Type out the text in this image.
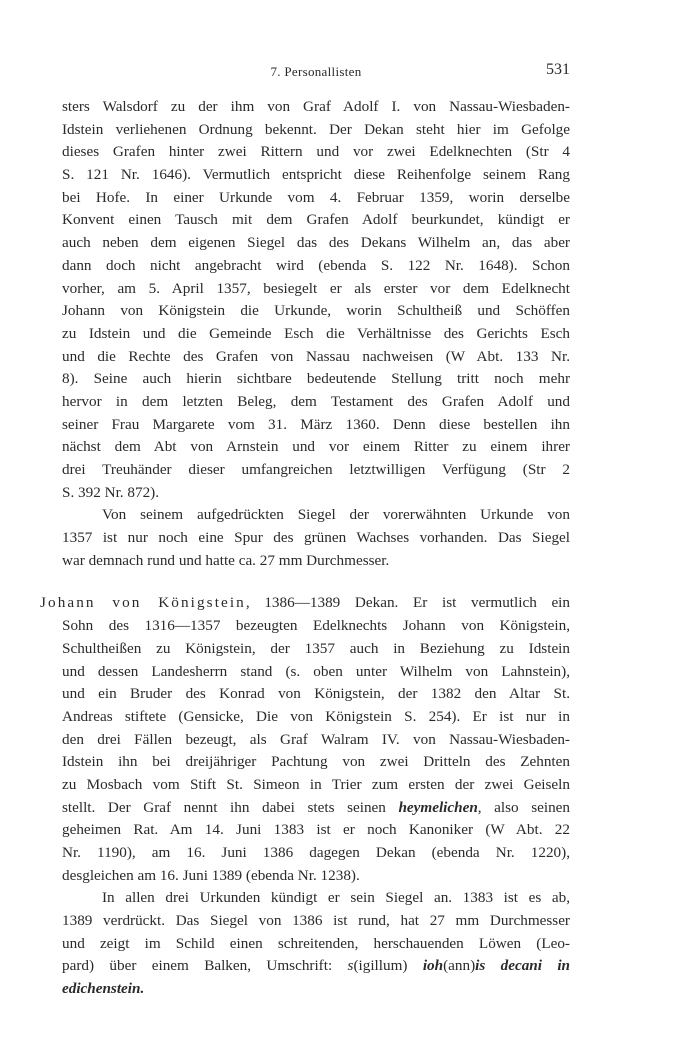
7. Personallisten	531
sters Walsdorf zu der ihm von Graf Adolf I. von Nassau-Wiesbaden-
Idstein verliehenen Ordnung bekennt. Der Dekan steht hier im Gefolge
dieses Grafen hinter zwei Rittern und vor zwei Edelknechten (Str 4
S. 121 Nr. 1646). Vermutlich entspricht diese Reihenfolge seinem Rang
bei Hofe. In einer Urkunde vom 4. Februar 1359, worin derselbe
Konvent einen Tausch mit dem Grafen Adolf beurkundet, kündigt er
auch neben dem eigenen Siegel das des Dekans Wilhelm an, das aber
dann doch nicht angebracht wird (ebenda S. 122 Nr. 1648). Schon
vorher, am 5. April 1357, besiegelt er als erster vor dem Edelknecht
Johann von Königstein die Urkunde, worin Schultheiß und Schöffen
zu Idstein und die Gemeinde Esch die Verhältnisse des Gerichts Esch
und die Rechte des Grafen von Nassau nachweisen (W Abt. 133 Nr.
8). Seine auch hierin sichtbare bedeutende Stellung tritt noch mehr
hervor in dem letzten Beleg, dem Testament des Grafen Adolf und
seiner Frau Margarete vom 31. März 1360. Denn diese bestellen ihn
nächst dem Abt von Arnstein und vor einem Ritter zu einem ihrer
drei Treuhänder dieser umfangreichen letztwilligen Verfügung (Str 2
S. 392 Nr. 872).
Von seinem aufgedrückten Siegel der vorerwähnten Urkunde von
1357 ist nur noch eine Spur des grünen Wachses vorhanden. Das Siegel
war demnach rund und hatte ca. 27 mm Durchmesser.
Johann von Königstein, 1386—1389 Dekan. Er ist vermutlich ein
Sohn des 1316—1357 bezeugten Edelknechts Johann von Königstein,
Schultheißen zu Königstein, der 1357 auch in Beziehung zu Idstein
und dessen Landesherrn stand (s. oben unter Wilhelm von Lahnstein),
und ein Bruder des Konrad von Königstein, der 1382 den Altar St.
Andreas stiftete (Gensicke, Die von Königstein S. 254). Er ist nur in
den drei Fällen bezeugt, als Graf Walram IV. von Nassau-Wiesbaden-
Idstein ihn bei dreijähriger Pachtung von zwei Dritteln des Zehnten
zu Mosbach vom Stift St. Simeon in Trier zum ersten der zwei Geiseln
stellt. Der Graf nennt ihn dabei stets seinen heymelichen, also seinen
geheimen Rat. Am 14. Juni 1383 ist er noch Kanoniker (W Abt. 22
Nr. 1190), am 16. Juni 1386 dagegen Dekan (ebenda Nr. 1220),
desgleichen am 16. Juni 1389 (ebenda Nr. 1238).
In allen drei Urkunden kündigt er sein Siegel an. 1383 ist es ab,
1389 verdrückt. Das Siegel von 1386 ist rund, hat 27 mm Durchmesser
und zeigt im Schild einen schreitenden, herschauenden Löwen (Leo-
pard) über einem Balken, Umschrift: s(igillum) ioh(ann)is decani in
edichenstein.
